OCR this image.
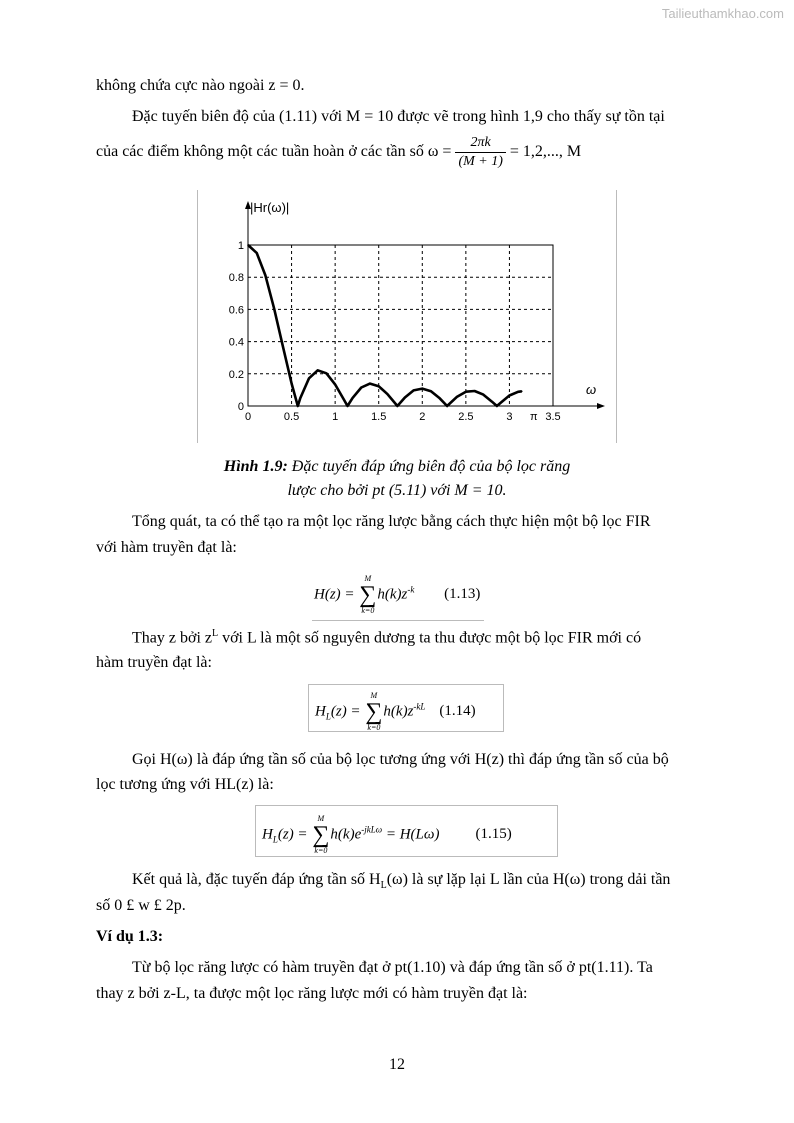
Tailieuthamkhao.com
không chứa cực nào ngoài z = 0.
Đặc tuyến biên độ của (1.11) với M = 10 được vẽ trong hình 1,9 cho thấy sự tồn tại
của các điểm không một các tuần hoàn ở các tần số $\omega = \frac{2\pi k}{(M + 1)} = 1,2$,..., M
0	0.5	1	1.5	2	2.5	3	3.5
0
0.2
0.4
0.6
0.8
1
π
|Hr(ω)|
ω
Hình 1.9: Đặc tuyến đáp ứng biên độ của bộ lọc răng
lược cho bởi pt (5.11) với M = 10.
Tổng quát, ta có thể tạo ra một lọc răng lược bằng cách thực hiện một bộ lọc FIR
với hàm truyền đạt là:
H(z) =
M
∑
k=0
$h(k)z^{-k}$ (1.13)
Thay z bởi $z^L$ với L là một số nguyên dương ta thu được một bộ lọc FIR mới có
hàm truyền đạt là:
$H_L(z)$ =
M
∑
k=0
$h(k)z^{-kL}$ (1.14)
Gọi H(ω) là đáp ứng tần số của bộ lọc tương ứng với H(z) thì đáp ứng tần số của bộ
lọc tương ứng với HL(z) là:
$H_L(z)$ =
M
∑
k=0
$h(k)e^{-jkL\omega} = H(L\omega)$ (1.15)
Kết quả là, đặc tuyến đáp ứng tần số $H_L(\omega)$ là sự lặp lại L lần của H(ω) trong dải tần
số 0 £ w £ 2p.
Ví dụ 1.3:
Từ bộ lọc răng lược có hàm truyền đạt ở pt(1.10) và đáp ứng tần số ở pt(1.11). Ta
thay z bởi z-L, ta được một lọc răng lược mới có hàm truyền đạt là:
12
